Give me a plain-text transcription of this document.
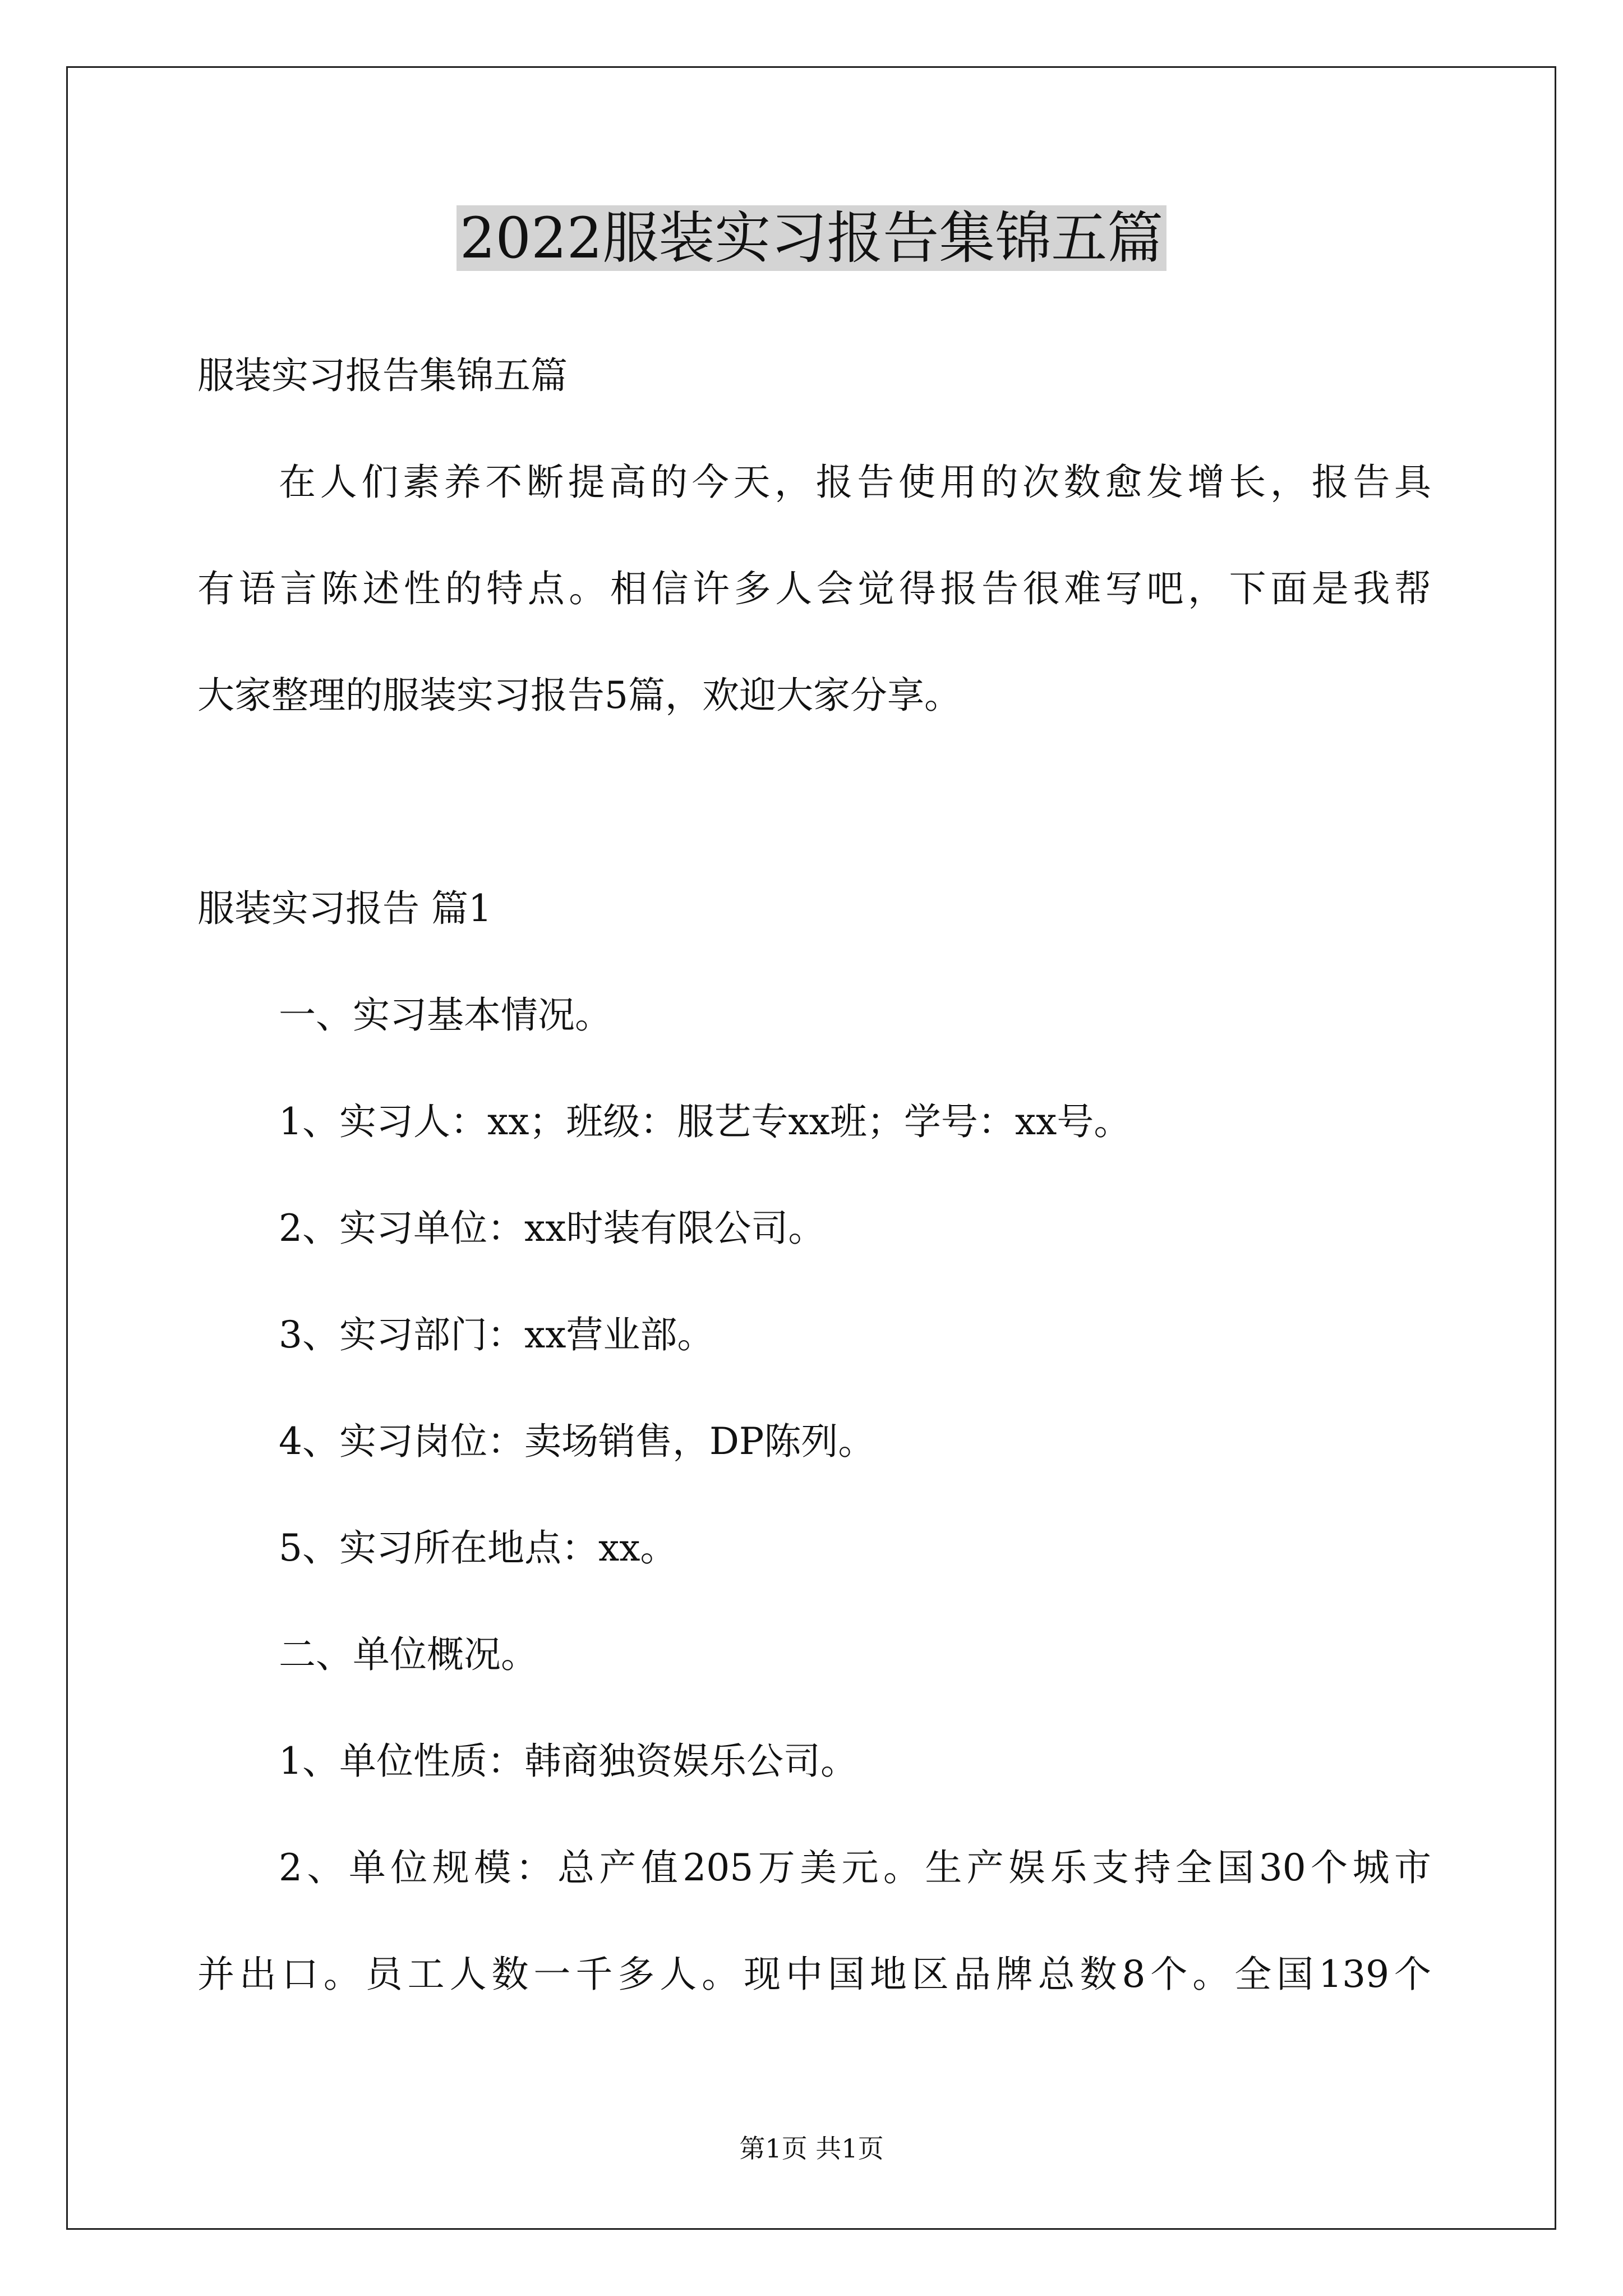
2022服装实习报告集锦五篇
服装实习报告集锦五篇
在人们素养不断提高的今天，报告使用的次数愈发增长，报告具
有语言陈述性的特点。相信许多人会觉得报告很难写吧，下面是我帮
大家整理的服装实习报告5篇，欢迎大家分享。
服装实习报告 篇1
一、实习基本情况。
1、实习人：xx；班级：服艺专xx班；学号：xx号。
2、实习单位：xx时装有限公司。
3、实习部门：xx营业部。
4、实习岗位：卖场销售，DP陈列。
5、实习所在地点：xx。
二、单位概况。
1、单位性质：韩商独资娱乐公司。
2、单位规模：总产值205万美元。生产娱乐支持全国30个城市
并出口。员工人数一千多人。现中国地区品牌总数8个。全国139个
第1页 共1页
